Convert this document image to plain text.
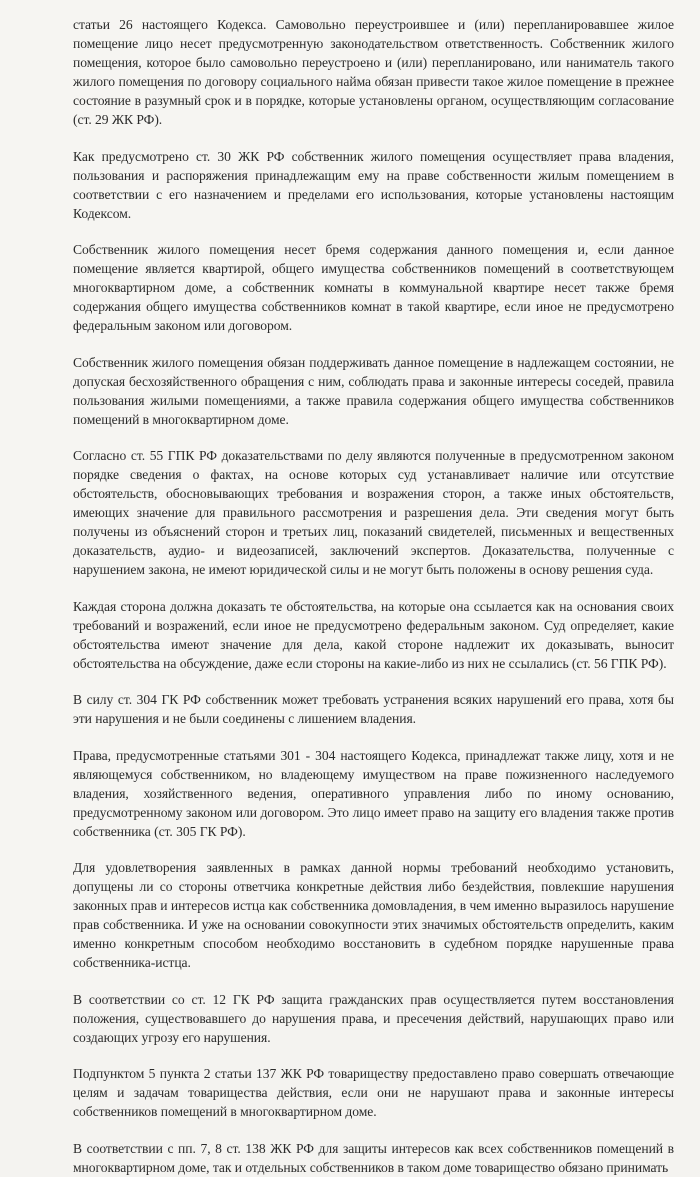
статьи 26 настоящего Кодекса. Самовольно переустроившее и (или) перепланировавшее жилое помещение лицо несет предусмотренную законодательством ответственность. Собственник жилого помещения, которое было самовольно переустроено и (или) перепланировано, или наниматель такого жилого помещения по договору социального найма обязан привести такое жилое помещение в прежнее состояние в разумный срок и в порядке, которые установлены органом, осуществляющим согласование (ст. 29 ЖК РФ).

Как предусмотрено ст. 30 ЖК РФ собственник жилого помещения осуществляет права владения, пользования и распоряжения принадлежащим ему на праве собственности жилым помещением в соответствии с его назначением и пределами его использования, которые установлены настоящим Кодексом.

Собственник жилого помещения несет бремя содержания данного помещения и, если данное помещение является квартирой, общего имущества собственников помещений в соответствующем многоквартирном доме, а собственник комнаты в коммунальной квартире несет также бремя содержания общего имущества собственников комнат в такой квартире, если иное не предусмотрено федеральным законом или договором.

Собственник жилого помещения обязан поддерживать данное помещение в надлежащем состоянии, не допуская бесхозяйственного обращения с ним, соблюдать права и законные интересы соседей, правила пользования жилыми помещениями, а также правила содержания общего имущества собственников помещений в многоквартирном доме.

Согласно ст. 55 ГПК РФ доказательствами по делу являются полученные в предусмотренном законом порядке сведения о фактах, на основе которых суд устанавливает наличие или отсутствие обстоятельств, обосновывающих требования и возражения сторон, а также иных обстоятельств, имеющих значение для правильного рассмотрения и разрешения дела. Эти сведения могут быть получены из объяснений сторон и третьих лиц, показаний свидетелей, письменных и вещественных доказательств, аудио- и видеозаписей, заключений экспертов. Доказательства, полученные с нарушением закона, не имеют юридической силы и не могут быть положены в основу решения суда.

Каждая сторона должна доказать те обстоятельства, на которые она ссылается как на основания своих требований и возражений, если иное не предусмотрено федеральным законом. Суд определяет, какие обстоятельства имеют значение для дела, какой стороне надлежит их доказывать, выносит обстоятельства на обсуждение, даже если стороны на какие-либо из них не ссылались (ст. 56 ГПК РФ).

В силу ст. 304 ГК РФ собственник может требовать устранения всяких нарушений его права, хотя бы эти нарушения и не были соединены с лишением владения.

Права, предусмотренные статьями 301 - 304 настоящего Кодекса, принадлежат также лицу, хотя и не являющемуся собственником, но владеющему имуществом на праве пожизненного наследуемого владения, хозяйственного ведения, оперативного управления либо по иному основанию, предусмотренному законом или договором. Это лицо имеет право на защиту его владения также против собственника (ст. 305 ГК РФ).

Для удовлетворения заявленных в рамках данной нормы требований необходимо установить, допущены ли со стороны ответчика конкретные действия либо бездействия, повлекшие нарушения законных прав и интересов истца как собственника домовладения, в чем именно выразилось нарушение прав собственника. И уже на основании совокупности этих значимых обстоятельств определить, каким именно конкретным способом необходимо восстановить в судебном порядке нарушенные права собственника-истца.

В соответствии со ст. 12 ГК РФ защита гражданских прав осуществляется путем восстановления положения, существовавшего до нарушения права, и пресечения действий, нарушающих право или создающих угрозу его нарушения.

Подпунктом 5 пункта 2 статьи 137 ЖК РФ товариществу предоставлено право совершать отвечающие целям и задачам товарищества действия, если они не нарушают права и законные интересы собственников помещений в многоквартирном доме.

В соответствии с пп. 7, 8 ст. 138 ЖК РФ для защиты интересов как всех собственников помещений в многоквартирном доме, так и отдельных собственников в таком доме товарищество обязано принимать
